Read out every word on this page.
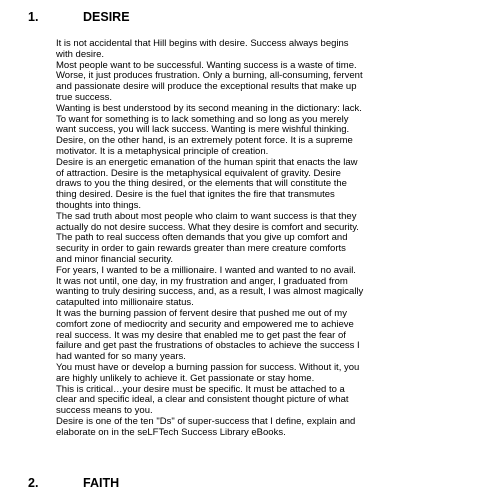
1.	DESIRE

It is not accidental that Hill begins with desire. Success always begins

with desire.

Most people want to be successful. Wanting success is a waste of time.

Worse, it just produces frustration. Only a burning, all-consuming, fervent

and passionate desire will produce the exceptional results that make up

true success.

Wanting is best understood by its second meaning in the dictionary: lack.

To want for something is to lack something and so long as you merely

want success, you will lack success. Wanting is mere wishful thinking.

Desire, on the other hand, is an extremely potent force. It is a supreme

motivator. It is a metaphysical principle of creation.

Desire is an energetic emanation of the human spirit that enacts the law

of attraction. Desire is the metaphysical equivalent of gravity. Desire

draws to you the thing desired, or the elements that will constitute the

thing desired. Desire is the fuel that ignites the fire that transmutes

thoughts into things.

The sad truth about most people who claim to want success is that they

actually do not desire success. What they desire is comfort and security.

The path to real success often demands that you give up comfort and

security in order to gain rewards greater than mere creature comforts

and minor financial security.

For years, I wanted to be a millionaire. I wanted and wanted to no avail.

It was not until, one day, in my frustration and anger, I graduated from

wanting to truly desiring success, and, as a result, I was almost magically

catapulted into millionaire status.

It was the burning passion of fervent desire that pushed me out of my

comfort zone of mediocrity and security and empowered me to achieve

real success. It was my desire that enabled me to get past the fear of

failure and get past the frustrations of obstacles to achieve the success I

had wanted for so many years.

You must have or develop a burning passion for success. Without it, you

are highly unlikely to achieve it. Get passionate or stay home.

This is critical…your desire must be specific. It must be attached to a

clear and specific ideal, a clear and consistent thought picture of what

success means to you.

Desire is one of the ten "Ds" of super-success that I define, explain and

elaborate on in the seLFTech Success Library eBooks.

2.	FAITH
